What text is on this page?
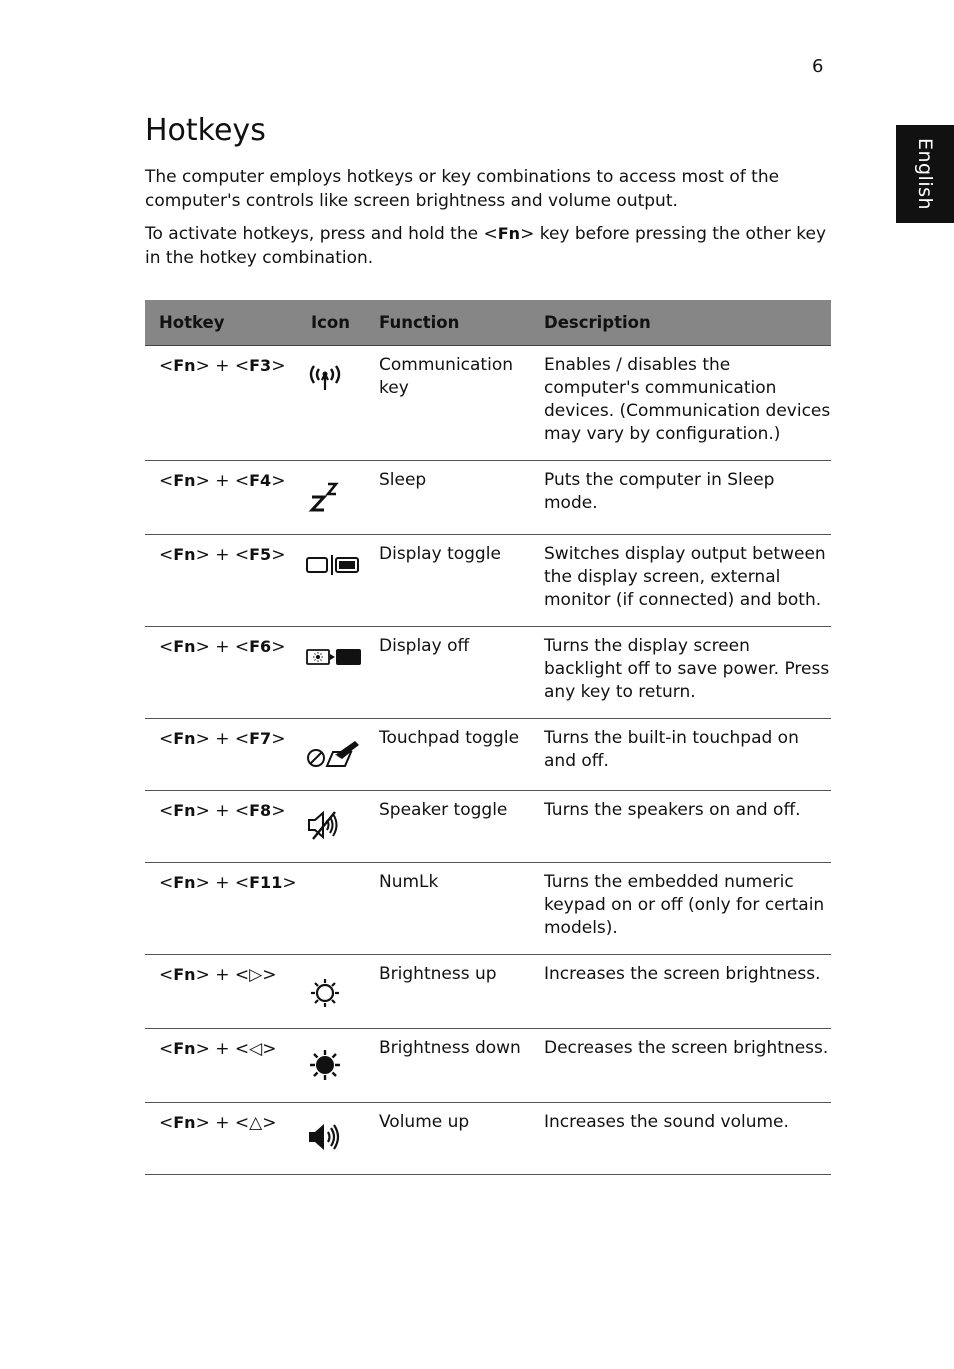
6
English
Hotkeys

The computer employs hotkeys or key combinations to access most of the computer's controls like screen brightness and volume output.

To activate hotkeys, press and hold the <Fn> key before pressing the other key in the hotkey combination.

Hotkey	Icon	Function	Description
<Fn> + <F3>		Communication key	Enables / disables the computer's communication devices. (Communication devices may vary by configuration.)
<Fn> + <F4>		Sleep	Puts the computer in Sleep mode.
<Fn> + <F5>		Display toggle	Switches display output between the display screen, external monitor (if connected) and both.
<Fn> + <F6>		Display off	Turns the display screen backlight off to save power. Press any key to return.
<Fn> + <F7>		Touchpad toggle	Turns the built-in touchpad on and off.
<Fn> + <F8>		Speaker toggle	Turns the speakers on and off.
<Fn> + <F11>		NumLk	Turns the embedded numeric keypad on or off (only for certain models).
<Fn> + <▷>		Brightness up	Increases the screen brightness.
<Fn> + <◁>		Brightness down	Decreases the screen brightness.
<Fn> + <△>		Volume up	Increases the sound volume.
